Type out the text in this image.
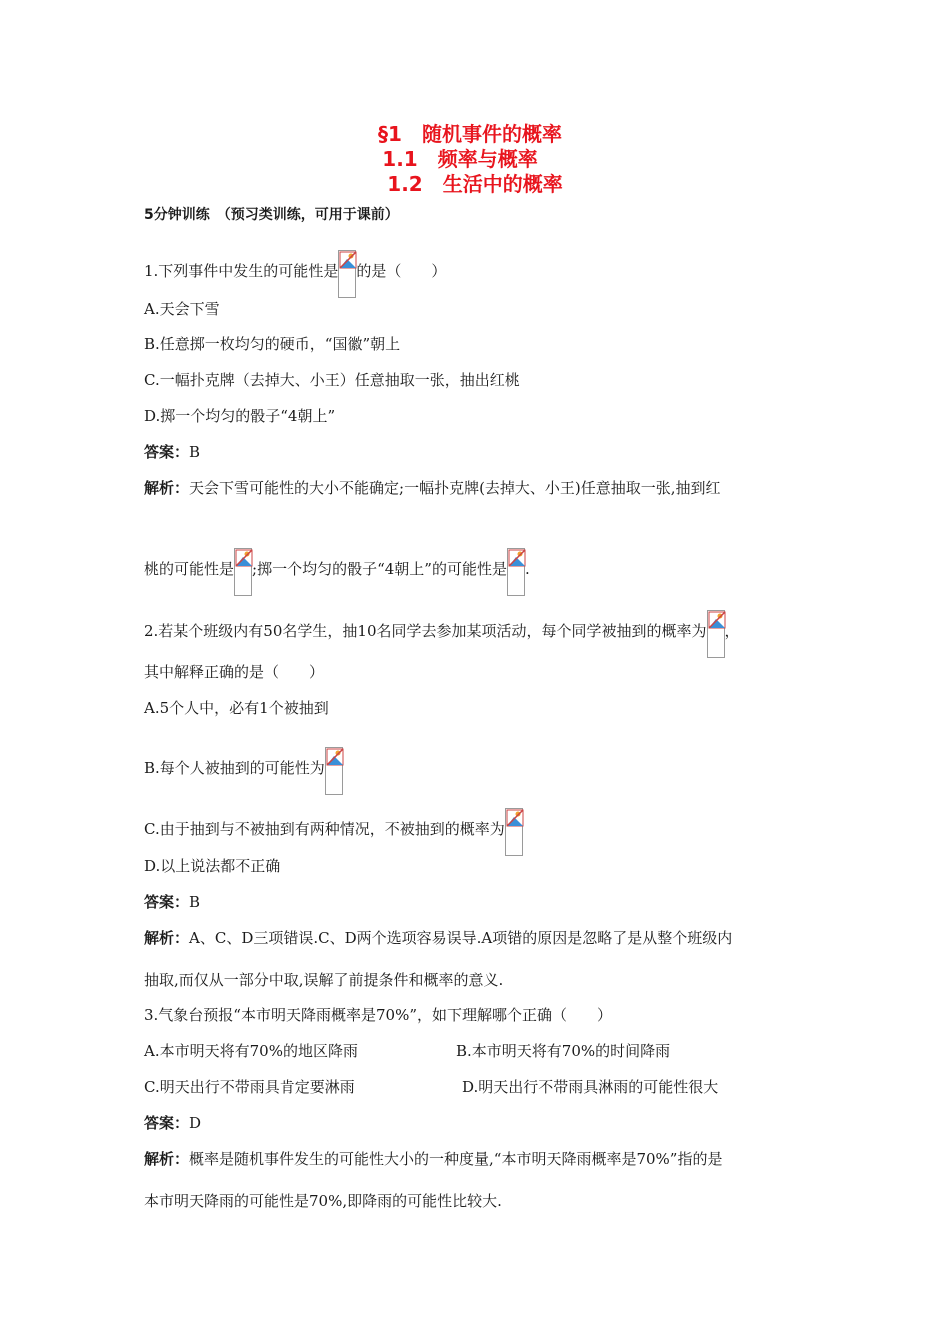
§1　随机事件的概率
1.1　频率与概率
1.2　生活中的概率
5分钟训练　（预习类训练，可用于课前）
1.下列事件中发生的可能性是 的是（　　）
A.天会下雪
B.任意掷一枚均匀的硬币，“国徽”朝上
C.一幅扑克牌（去掉大、小王）任意抽取一张，抽出红桃
D.掷一个均匀的骰子“4朝上”
答案：B
解析：天会下雪可能性的大小不能确定;一幅扑克牌(去掉大、小王)任意抽取一张,抽到红
桃的可能性是 ;掷一个均匀的骰子“4朝上”的可能性是 .
2.若某个班级内有50名学生，抽10名同学去参加某项活动，每个同学被抽到的概率为 ，
其中解释正确的是（　　）
A.5个人中，必有1个被抽到
B.每个人被抽到的可能性为
C.由于抽到与不被抽到有两种情况，不被抽到的概率为
D.以上说法都不正确
答案：B
解析：A、C、D三项错误.C、D两个选项容易误导.A项错的原因是忽略了是从整个班级内
抽取,而仅从一部分中取,误解了前提条件和概率的意义.
3.气象台预报“本市明天降雨概率是70%”，如下理解哪个正确（　　）
A.本市明天将有70%的地区降雨	B.本市明天将有70%的时间降雨
C.明天出行不带雨具肯定要淋雨	D.明天出行不带雨具淋雨的可能性很大
答案：D
解析：概率是随机事件发生的可能性大小的一种度量,“本市明天降雨概率是70%”指的是
本市明天降雨的可能性是70%,即降雨的可能性比较大.
